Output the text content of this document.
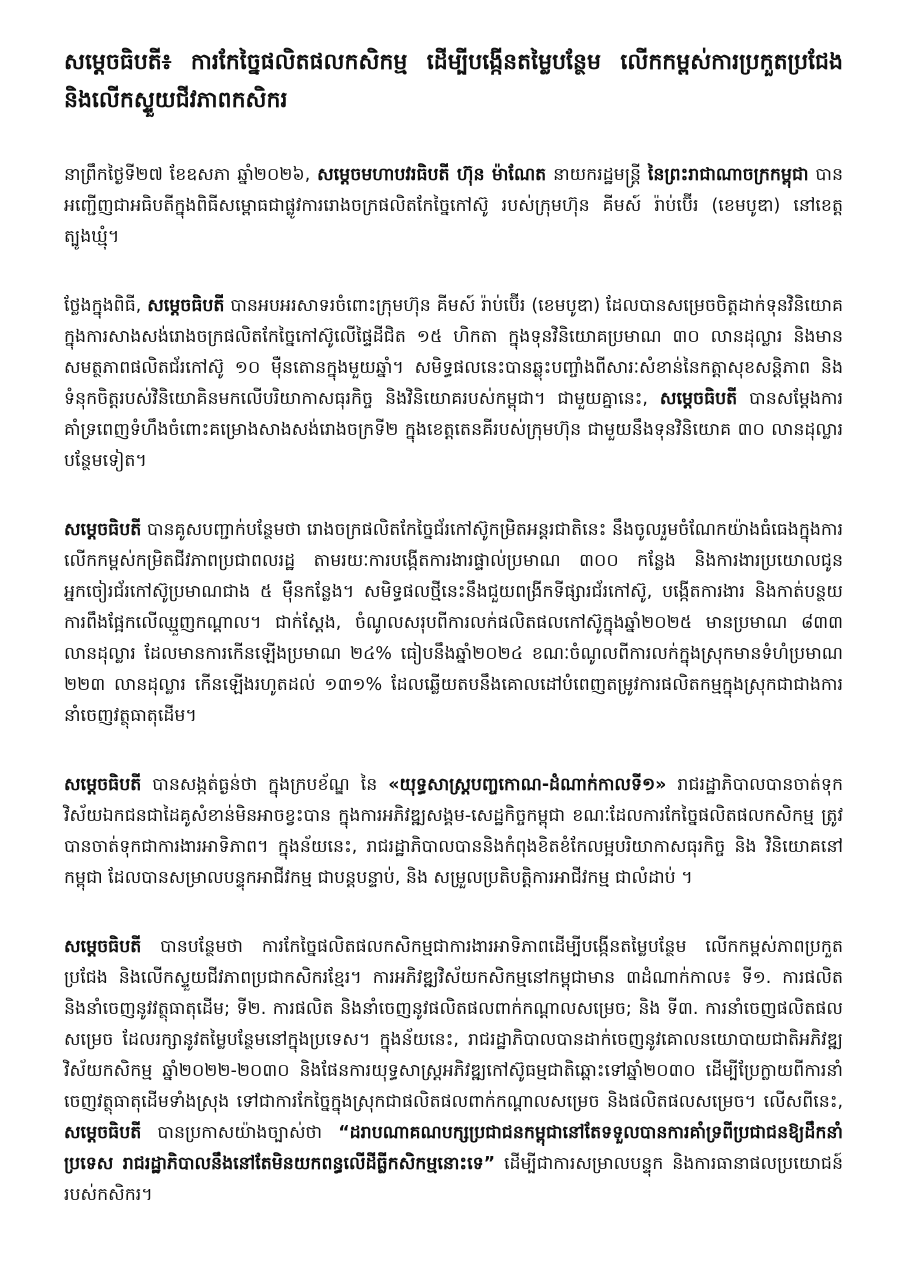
សម្តេចធិបតី៖ ការកែច្នៃផលិតផលកសិកម្ម ដើម្បីបង្កើនតម្លៃបន្ថែម លើកកម្ពស់ការប្រកួតប្រជែង និងលើកស្ទួយជីវភាពកសិករ

នាព្រឹកថ្ងៃទី២៧ ខែឧសភា ឆ្នាំ២០២៦, សម្តេចមហាបវរធិបតី ហ៊ុន ម៉ាណែត នាយករដ្ឋមន្ត្រី នៃព្រះរាជាណាចក្រកម្ពុជា បានអញ្ជើញជាអធិបតីក្នុងពិធីសម្ពោធជាផ្លូវការរោងចក្រផលិតកែច្នៃកៅស៊ូ របស់ក្រុមហ៊ុន គីមស៍ រ៉ាប់ប៊ើរ (ខេមបូឌា) នៅខេត្តត្បូងឃ្មុំ។

ថ្លែងក្នុងពិធី, សម្តេចធិបតី បានអបអរសាទរចំពោះក្រុមហ៊ុន គីមស៍ រ៉ាប់ប៊ើរ (ខេមបូឌា) ដែលបានសម្រេចចិត្តដាក់ទុនវិនិយោគក្នុងការសាងសង់រោងចក្រផលិតកែច្នៃកៅស៊ូលើផ្ទៃដីជិត ១៥ ហិកតា ក្នុងទុនវិនិយោគប្រមាណ ៣០ លានដុល្លារ និងមានសមត្ថភាពផលិតជ័រកៅស៊ូ ១០ ម៉ឺនតោនក្នុងមួយឆ្នាំ។ សមិទ្ធផលនេះបានឆ្លុះបញ្ចាំងពីសារៈសំខាន់នៃកត្តាសុខសន្តិភាព និងទំនុកចិត្តរបស់វិនិយោគិនមកលើបរិយាកាសធុរកិច្ច និងវិនិយោគរបស់កម្ពុជា។ ជាមួយគ្នានេះ, សម្តេចធិបតី បានសម្តែងការគាំទ្រពេញទំហឹងចំពោះគម្រោងសាងសង់រោងចក្រទី២ ក្នុងខេត្តតេនគីរបស់ក្រុមហ៊ុន ជាមួយនឹងទុនវិនិយោគ ៣០ លានដុល្លារបន្ថែមទៀត។

សម្តេចធិបតី បានគូសបញ្ជាក់បន្ថែមថា រោងចក្រផលិតកែច្នៃជ័រកៅស៊ូកម្រិតអន្តរជាតិនេះ នឹងចូលរួមចំណែកយ៉ាងធំធេងក្នុងការលើកកម្ពស់កម្រិតជីវភាពប្រជាពលរដ្ឋ តាមរយៈការបង្កើតការងារផ្ទាល់ប្រមាណ ៣០០ កន្លែង និងការងារប្រយោលជូនអ្នកចៀរជ័រកៅស៊ូប្រមាណជាង ៥ ម៉ឺនកន្លែង។ សមិទ្ធផលថ្មីនេះនឹងជួយពង្រីកទីផ្សារជ័រកៅស៊ូ, បង្កើតការងារ និងកាត់បន្ថយការពឹងផ្អែកលើឈ្មួញកណ្តាល។ ជាក់ស្តែង, ចំណូលសរុបពីការលក់ផលិតផលកៅស៊ូក្នុងឆ្នាំ២០២៥ មានប្រមាណ ៨៣៣ លានដុល្លារ ដែលមានការកើនឡើងប្រមាណ ២៤% ធៀបនឹងឆ្នាំ២០២៤ ខណៈចំណូលពីការលក់ក្នុងស្រុកមានទំហំប្រមាណ ២២៣ លានដុល្លារ កើនឡើងរហូតដល់ ១៣១% ដែលឆ្លើយតបនឹងគោលដៅបំពេញតម្រូវការផលិតកម្មក្នុងស្រុកជាជាងការនាំចេញវត្ថុធាតុដើម។

សម្តេចធិបតី បានសង្កត់ធ្ងន់ថា ក្នុងក្របខ័ណ្ឌ នៃ «យុទ្ធសាស្ត្របញ្ចកោណ-ដំណាក់កាលទី១» រាជរដ្ឋាភិបាលបានចាត់ទុកវិស័យឯកជនជាដៃគូសំខាន់មិនអាចខ្វះបាន ក្នុងការអភិវឌ្ឍសង្គម-សេដ្ឋកិច្ចកម្ពុជា ខណៈដែលការកែច្នៃផលិតផលកសិកម្ម ត្រូវបានចាត់ទុកជាការងារអាទិភាព។ ក្នុងន័យនេះ, រាជរដ្ឋាភិបាលបាននិងកំពុងខិតខំកែលម្អបរិយាកាសធុរកិច្ច និង វិនិយោគនៅកម្ពុជា ដែលបានសម្រាលបន្ទុកអាជីវកម្ម ជាបន្តបន្ទាប់, និង សម្រួលប្រតិបត្តិការអាជីវកម្ម ជាលំដាប់ ។

សម្តេចធិបតី បានបន្ថែមថា ការកែច្នៃផលិតផលកសិកម្មជាការងារអាទិភាពដើម្បីបង្កើនតម្លៃបន្ថែម លើកកម្ពស់ភាពប្រកួតប្រជែង និងលើកស្ទួយជីវភាពប្រជាកសិករខ្មែរ។ ការអភិវឌ្ឍវិស័យកសិកម្មនៅកម្ពុជាមាន ៣ដំណាក់កាល៖ ទី១. ការផលិត និងនាំចេញនូវវត្ថុធាតុដើម; ទី២. ការផលិត និងនាំចេញនូវផលិតផលពាក់កណ្តាលសម្រេច; និង ទី៣. ការនាំចេញផលិតផលសម្រេច ដែលរក្សានូវតម្លៃបន្ថែមនៅក្នុងប្រទេស។ ក្នុងន័យនេះ, រាជរដ្ឋាភិបាលបានដាក់ចេញនូវគោលនយោបាយជាតិអភិវឌ្ឍវិស័យកសិកម្ម ឆ្នាំ២០២២-២០៣០ និងផែនការយុទ្ធសាស្ត្រអភិវឌ្ឍកៅស៊ូធម្មជាតិឆ្ពោះទៅឆ្នាំ២០៣០ ដើម្បីប្រែក្លាយពីការនាំចេញវត្ថុធាតុដើមទាំងស្រុង ទៅជាការកែច្នៃក្នុងស្រុកជាផលិតផលពាក់កណ្តាលសម្រេច និងផលិតផលសម្រេច។ លើសពីនេះ, សម្តេចធិបតី បានប្រកាសយ៉ាងច្បាស់ថា “ដរាបណាគណបក្សប្រជាជនកម្ពុជានៅតែទទួលបានការគាំទ្រពីប្រជាជនឱ្យដឹកនាំប្រទេស រាជរដ្ឋាភិបាលនឹងនៅតែមិនយកពន្ធលើដីធ្លីកសិកម្មនោះទេ” ដើម្បីជាការសម្រាលបន្ទុក និងការធានាផលប្រយោជន៍របស់កសិករ។
